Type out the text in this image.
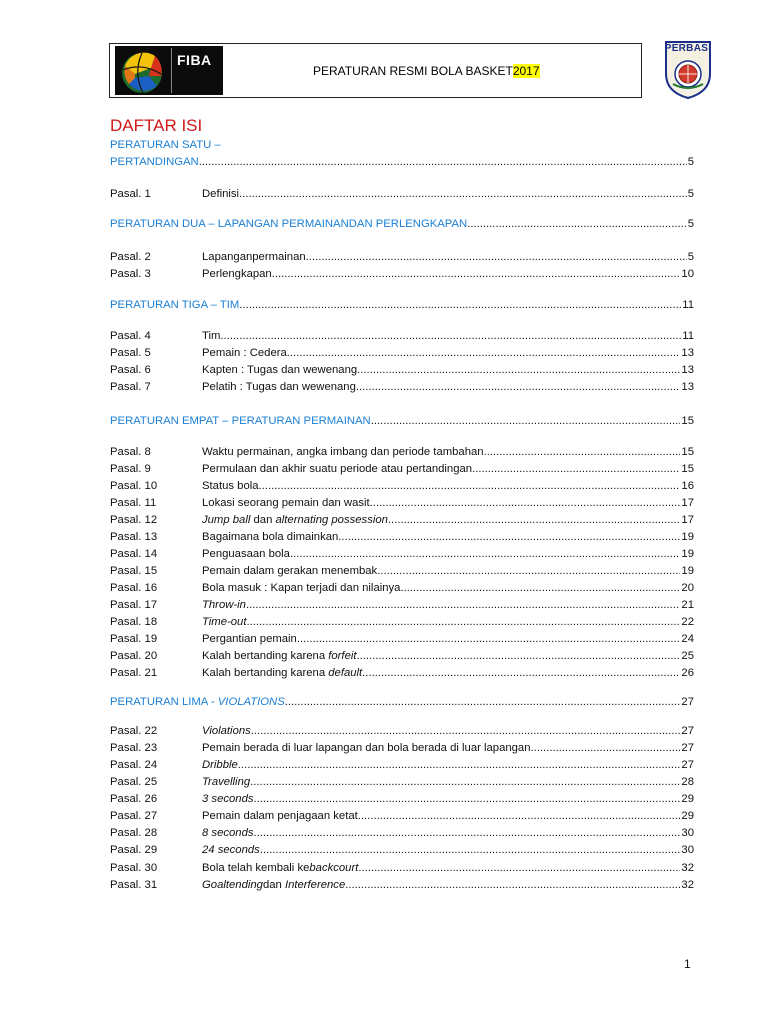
FIBA
PERATURAN RESMI BOLA BASKET2017
PERBASI
DAFTAR ISI
PERATURAN SATU –
PERTANDINGAN .....	5
Pasal. 1	Definisi .....	5
PERATURAN DUA – LAPANGAN PERMAINANDAN PERLENGKAPAN .....	5
Pasal. 2	Lapanganpermainan .....	5
Pasal. 3	Perlengkapan .....	10
PERATURAN TIGA – TIM .....	11
Pasal. 4	Tim .....	11
Pasal. 5	Pemain : Cedera .....	13
Pasal. 6	Kapten : Tugas dan wewenang .....	13
Pasal. 7	Pelatih : Tugas dan wewenang .....	13
PERATURAN EMPAT – PERATURAN PERMAINAN .....	15
Pasal. 8	Waktu permainan, angka imbang dan periode tambahan .....	15
Pasal. 9	Permulaan dan akhir suatu periode atau pertandingan .....	15
Pasal. 10	Status bola .....	16
Pasal. 11	Lokasi seorang pemain dan wasit .....	17
Pasal. 12	Jump ball dan alternating possession .....	17
Pasal. 13	Bagaimana bola dimainkan .....	19
Pasal. 14	Penguasaan bola .....	19
Pasal. 15	Pemain dalam gerakan menembak .....	19
Pasal. 16	Bola masuk : Kapan terjadi dan nilainya .....	20
Pasal. 17	Throw-in .....	21
Pasal. 18	Time-out .....	22
Pasal. 19	Pergantian pemain .....	24
Pasal. 20	Kalah bertanding karena forfeit .....	25
Pasal. 21	Kalah bertanding karena default .....	26
PERATURAN LIMA - VIOLATIONS .....	27
Pasal. 22	Violations .....	27
Pasal. 23	Pemain berada di luar lapangan dan bola berada di luar lapangan .....	27
Pasal. 24	Dribble .....	27
Pasal. 25	Travelling .....	28
Pasal. 26	3 seconds .....	29
Pasal. 27	Pemain dalam penjagaan ketat .....	29
Pasal. 28	8 seconds .....	30
Pasal. 29	24 seconds .....	30
Pasal. 30	Bola telah kembali ke backcourt .....	32
Pasal. 31	Goaltending dan Interference .....	32
1
